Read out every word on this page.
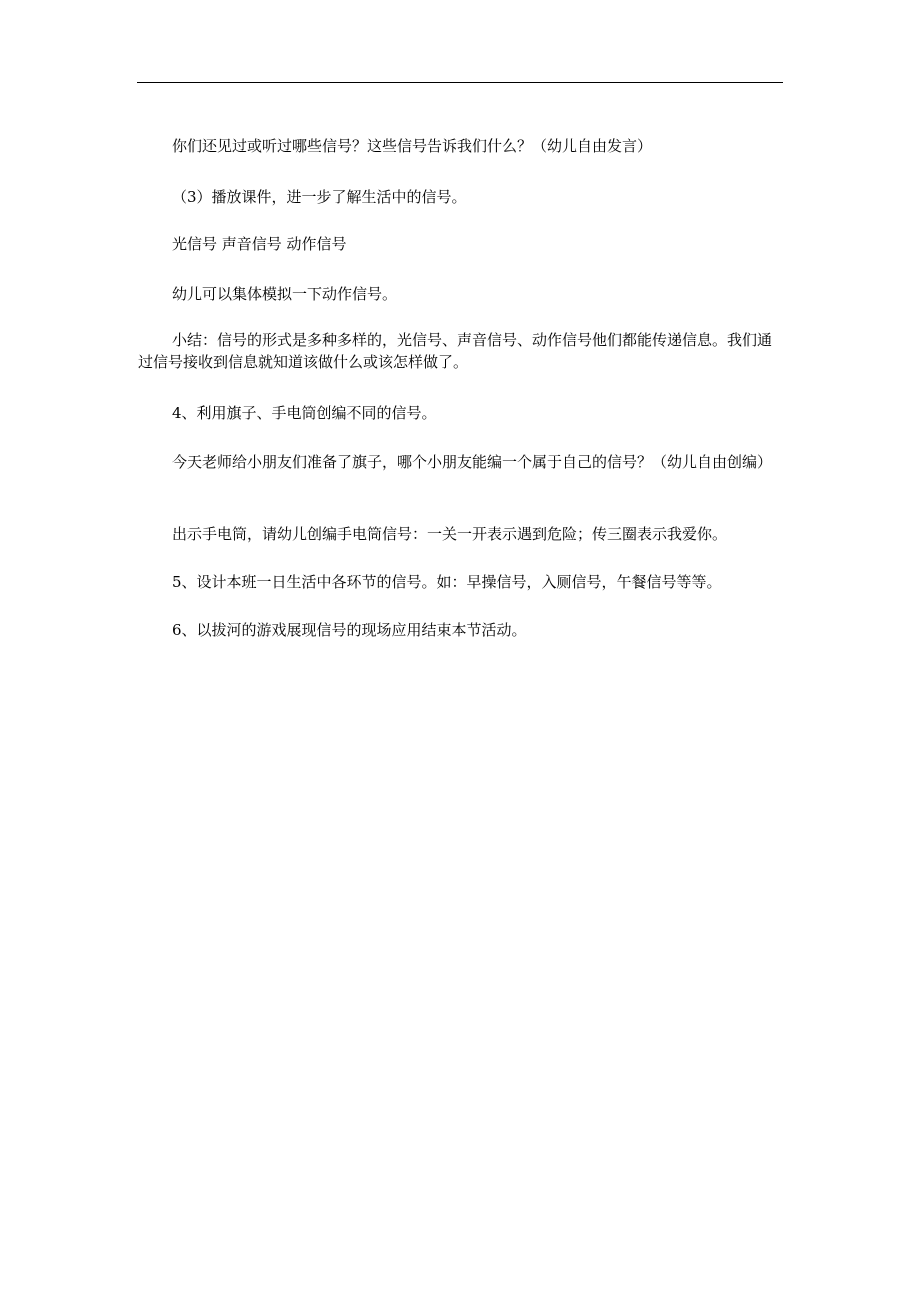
你们还见过或听过哪些信号？这些信号告诉我们什么？（幼儿自由发言）

（3）播放课件，进一步了解生活中的信号。

光信号 声音信号 动作信号

幼儿可以集体模拟一下动作信号。

小结：信号的形式是多种多样的，光信号、声音信号、动作信号他们都能传递信息。我们通过信号接收到信息就知道该做什么或该怎样做了。

4、利用旗子、手电筒创编不同的信号。

今天老师给小朋友们准备了旗子，哪个小朋友能编一个属于自己的信号？（幼儿自由创编）

出示手电筒，请幼儿创编手电筒信号：一关一开表示遇到危险；传三圈表示我爱你。

5、设计本班一日生活中各环节的信号。如：早操信号，入厕信号，午餐信号等等。

6、以拔河的游戏展现信号的现场应用结束本节活动。
